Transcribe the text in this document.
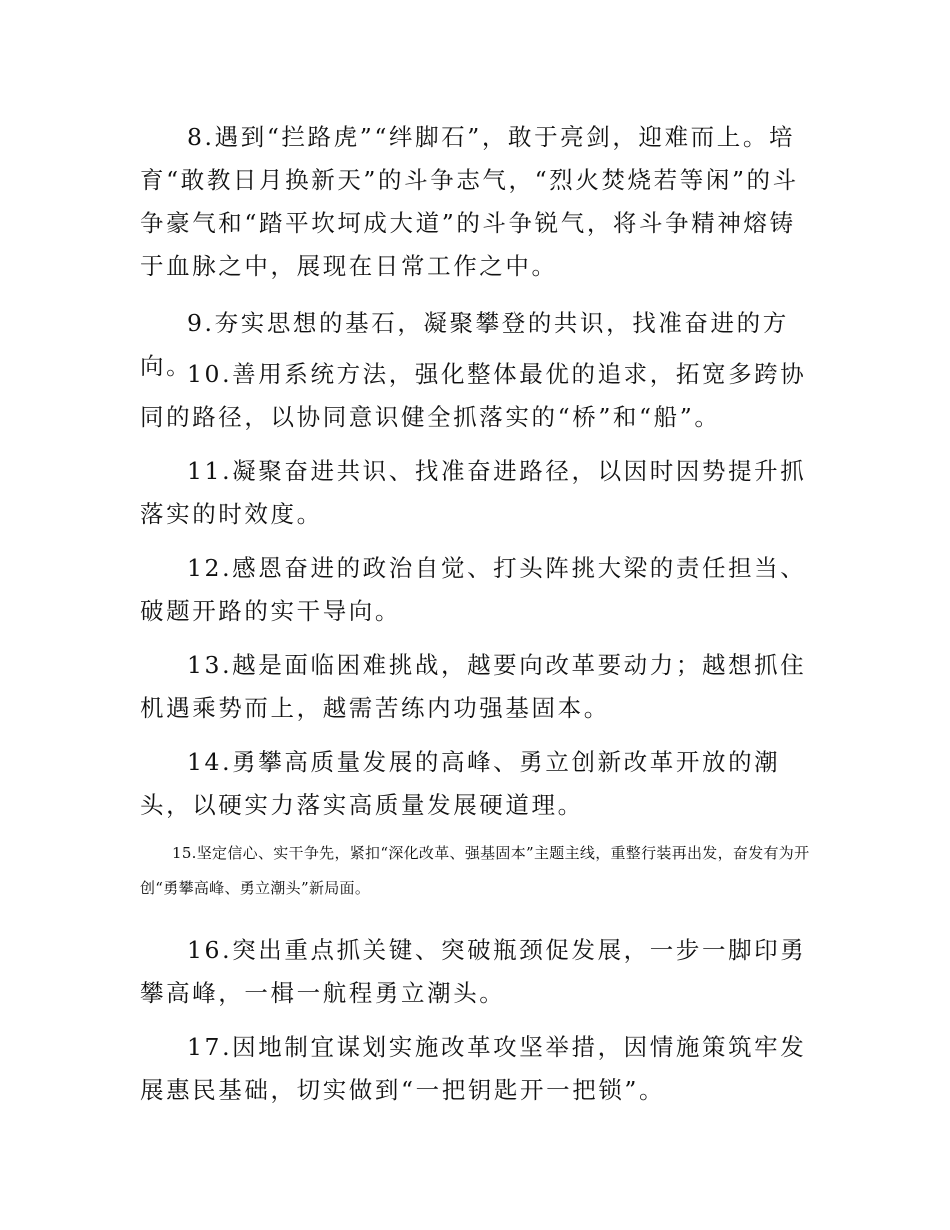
8.遇到“拦路虎”“绊脚石”，敢于亮剑，迎难而上。培育“敢教日月换新天”的斗争志气，“烈火焚烧若等闲”的斗争豪气和“踏平坎坷成大道”的斗争锐气，将斗争精神熔铸于血脉之中，展现在日常工作之中。

9.夯实思想的基石，凝聚攀登的共识，找准奋进的方向。

10.善用系统方法，强化整体最优的追求，拓宽多跨协同的路径，以协同意识健全抓落实的“桥”和“船”。

11.凝聚奋进共识、找准奋进路径，以因时因势提升抓落实的时效度。

12.感恩奋进的政治自觉、打头阵挑大梁的责任担当、破题开路的实干导向。

13.越是面临困难挑战，越要向改革要动力；越想抓住机遇乘势而上，越需苦练内功强基固本。

14.勇攀高质量发展的高峰、勇立创新改革开放的潮头，以硬实力落实高质量发展硬道理。

15.坚定信心、实干争先，紧扣“深化改革、强基固本”主题主线，重整行装再出发，奋发有为开创“勇攀高峰、勇立潮头”新局面。

16.突出重点抓关键、突破瓶颈促发展，一步一脚印勇攀高峰，一楫一航程勇立潮头。

17.因地制宜谋划实施改革攻坚举措，因情施策筑牢发展惠民基础，切实做到“一把钥匙开一把锁”。
